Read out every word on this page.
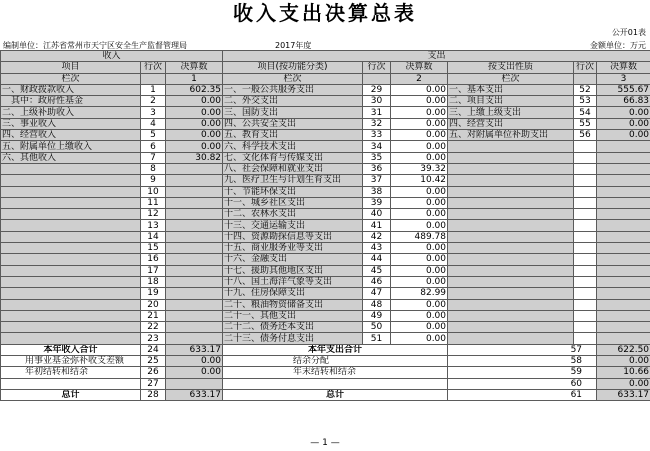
收入支出决算总表
公开01表
编制单位：江苏省常州市天宁区安全生产监督管理局	2017年度	金额单位：万元
收入			支出					
项目	行次	决算数	项目(按功能分类)	行次	决算数	按支出性质	行次	决算数
栏次		1	栏次		2	栏次		3
一、财政拨款收入	1	602.35	一、一般公共服务支出	29	0.00	一、基本支出	52	555.67
　其中：政府性基金	2	0.00	二、外交支出	30	0.00	二、项目支出	53	66.83
二、上级补助收入	3	0.00	三、国防支出	31	0.00	三、上缴上级支出	54	0.00
三、事业收入	4	0.00	四、公共安全支出	32	0.00	四、经营支出	55	0.00
四、经营收入	5	0.00	五、教育支出	33	0.00	五、对附属单位补助支出	56	0.00
五、附属单位上缴收入	6	0.00	六、科学技术支出	34	0.00			
六、其他收入	7	30.82	七、文化体育与传媒支出	35	0.00			
	8		八、社会保障和就业支出	36	39.32			
	9		九、医疗卫生与计划生育支出	37	10.42			
	10		十、节能环保支出	38	0.00			
	11		十一、城乡社区支出	39	0.00			
	12		十二、农林水支出	40	0.00			
	13		十三、交通运输支出	41	0.00			
	14		十四、资源勘探信息等支出	42	489.78			
	15		十五、商业服务业等支出	43	0.00			
	16		十六、金融支出	44	0.00			
	17		十七、援助其他地区支出	45	0.00			
	18		十八、国土海洋气象等支出	46	0.00			
	19		十九、住房保障支出	47	82.99			
	20		二十、粮油物资储备支出	48	0.00			
	21		二十一、其他支出	49	0.00			
	22		二十二、债务还本支出	50	0.00			
	23		二十三、债务付息支出	51	0.00			
本年收入合计	24	633.17	本年支出合计			57		622.50
用事业基金弥补收支差额	25	0.00	结余分配			58		0.00
年初结转和结余	26	0.00	年末结转和结余			59		10.66
	27					60		0.00
总计	28	633.17	总计			61		633.17
— 1 —
